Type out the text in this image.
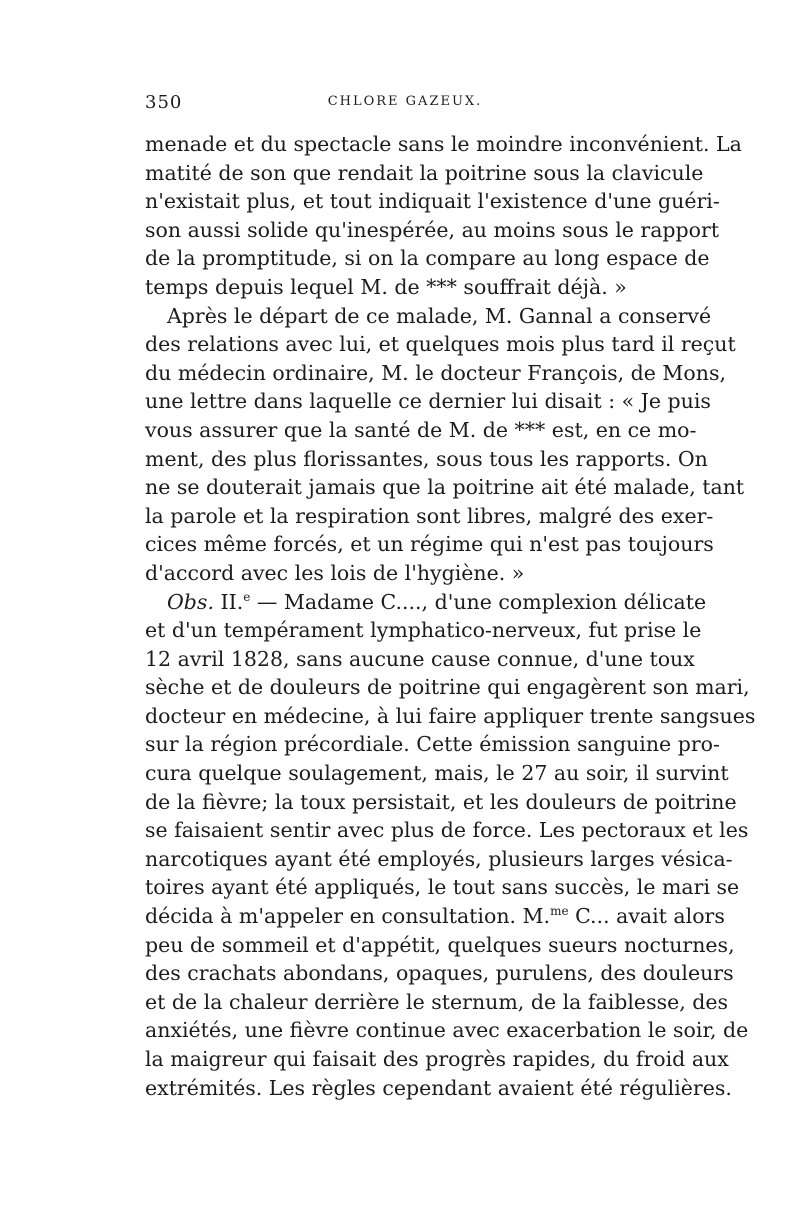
350	CHLORE GAZEUX.
menade et du spectacle sans le moindre inconvénient. La
matité de son que rendait la poitrine sous la clavicule
n'existait plus, et tout indiquait l'existence d'une guéri-
son aussi solide qu'inespérée, au moins sous le rapport
de la promptitude, si on la compare au long espace de
temps depuis lequel M. de *** souffrait déjà. »
Après le départ de ce malade, M. Gannal a conservé
des relations avec lui, et quelques mois plus tard il reçut
du médecin ordinaire, M. le docteur François, de Mons,
une lettre dans laquelle ce dernier lui disait : « Je puis
vous assurer que la santé de M. de *** est, en ce mo-
ment, des plus florissantes, sous tous les rapports. On
ne se douterait jamais que la poitrine ait été malade, tant
la parole et la respiration sont libres, malgré des exer-
cices même forcés, et un régime qui n'est pas toujours
d'accord avec les lois de l'hygiène. »
Obs. II.$^e$ — Madame C...., d'une complexion délicate
et d'un tempérament lymphatico-nerveux, fut prise le
12 avril 1828, sans aucune cause connue, d'une toux
sèche et de douleurs de poitrine qui engagèrent son mari,
docteur en médecine, à lui faire appliquer trente sangsues
sur la région précordiale. Cette émission sanguine pro-
cura quelque soulagement, mais, le 27 au soir, il survint
de la fièvre; la toux persistait, et les douleurs de poitrine
se faisaient sentir avec plus de force. Les pectoraux et les
narcotiques ayant été employés, plusieurs larges vésica-
toires ayant été appliqués, le tout sans succès, le mari se
décida à m'appeler en consultation. M.$^{me}$ C... avait alors
peu de sommeil et d'appétit, quelques sueurs nocturnes,
des crachats abondans, opaques, purulens, des douleurs
et de la chaleur derrière le sternum, de la faiblesse, des
anxiétés, une fièvre continue avec exacerbation le soir, de
la maigreur qui faisait des progrès rapides, du froid aux
extrémités. Les règles cependant avaient été régulières.
